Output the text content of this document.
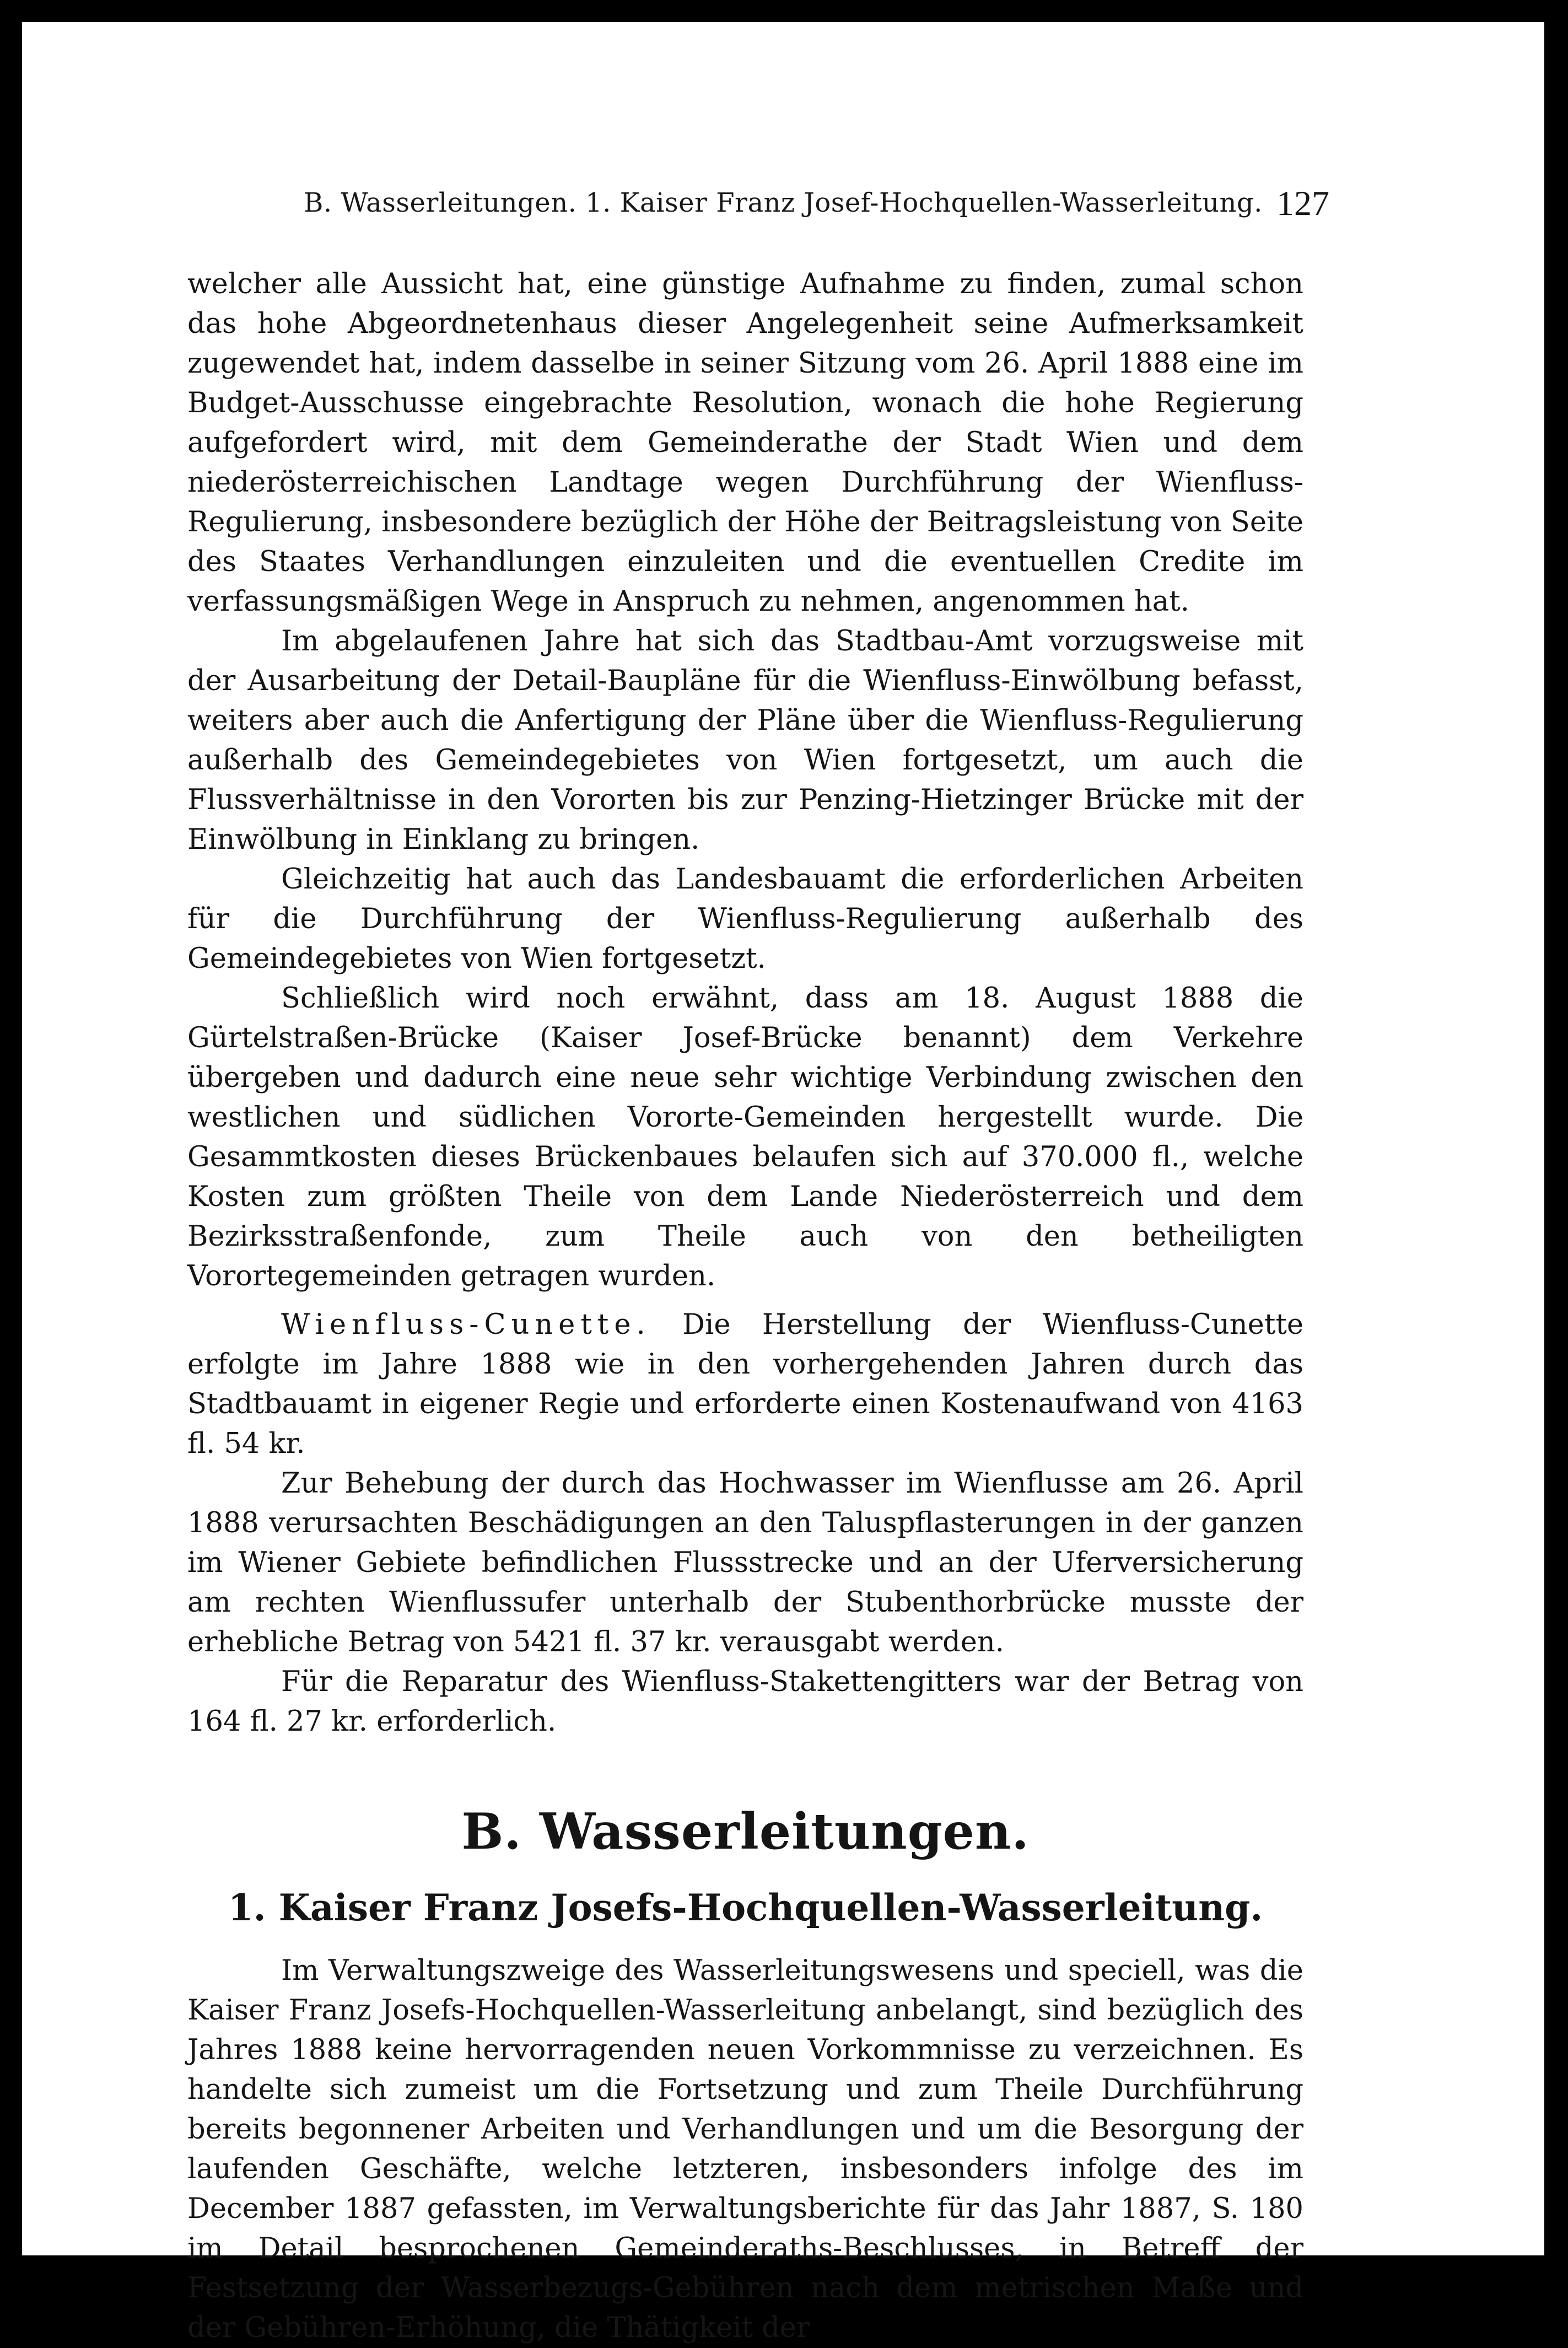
B. Wasserleitungen. 1. Kaiser Franz Josef-Hochquellen-Wasserleitung. 127

welcher alle Aussicht hat, eine günstige Aufnahme zu finden, zumal schon das hohe Abgeordnetenhaus dieser Angelegenheit seine Aufmerksamkeit zugewendet hat, indem dasselbe in seiner Sitzung vom 26. April 1888 eine im Budget-Ausschusse eingebrachte Resolution, wonach die hohe Regierung aufgefordert wird, mit dem Gemeinderathe der Stadt Wien und dem niederösterreichischen Landtage wegen Durchführung der Wienfluss-Regulierung, insbesondere bezüglich der Höhe der Beitragsleistung von Seite des Staates Verhandlungen einzuleiten und die eventuellen Credite im verfassungsmäßigen Wege in Anspruch zu nehmen, angenommen hat.

Im abgelaufenen Jahre hat sich das Stadtbau-Amt vorzugsweise mit der Ausarbeitung der Detail-Baupläne für die Wienfluss-Einwölbung befasst, weiters aber auch die Anfertigung der Pläne über die Wienfluss-Regulierung außerhalb des Gemeindegebietes von Wien fortgesetzt, um auch die Flussverhältnisse in den Vororten bis zur Penzing-Hietzinger Brücke mit der Einwölbung in Einklang zu bringen.

Gleichzeitig hat auch das Landesbauamt die erforderlichen Arbeiten für die Durchführung der Wienfluss-Regulierung außerhalb des Gemeindegebietes von Wien fortgesetzt.

Schließlich wird noch erwähnt, dass am 18. August 1888 die Gürtelstraßen-Brücke (Kaiser Josef-Brücke benannt) dem Verkehre übergeben und dadurch eine neue sehr wichtige Verbindung zwischen den westlichen und südlichen Vororte-Gemeinden hergestellt wurde. Die Gesammtkosten dieses Brückenbaues belaufen sich auf 370.000 fl., welche Kosten zum größten Theile von dem Lande Niederösterreich und dem Bezirksstraßenfonde, zum Theile auch von den betheiligten Vorortegemeinden getragen wurden.

Wienfluss-Cunette. Die Herstellung der Wienfluss-Cunette erfolgte im Jahre 1888 wie in den vorhergehenden Jahren durch das Stadtbauamt in eigener Regie und erforderte einen Kostenaufwand von 4163 fl. 54 kr.

Zur Behebung der durch das Hochwasser im Wienflusse am 26. April 1888 verursachten Beschädigungen an den Taluspflasterungen in der ganzen im Wiener Gebiete befindlichen Flussstrecke und an der Uferversicherung am rechten Wienflussufer unterhalb der Stubenthorbrücke musste der erhebliche Betrag von 5421 fl. 37 kr. verausgabt werden.

Für die Reparatur des Wienfluss-Stakettengitters war der Betrag von 164 fl. 27 kr. erforderlich.

B. Wasserleitungen.
1. Kaiser Franz Josefs-Hochquellen-Wasserleitung.

Im Verwaltungszweige des Wasserleitungswesens und speciell, was die Kaiser Franz Josefs-Hochquellen-Wasserleitung anbelangt, sind bezüglich des Jahres 1888 keine hervorragenden neuen Vorkommnisse zu verzeichnen. Es handelte sich zumeist um die Fortsetzung und zum Theile Durchführung bereits begonnener Arbeiten und Verhandlungen und um die Besorgung der laufenden Geschäfte, welche letzteren, insbesonders infolge des im December 1887 gefassten, im Verwaltungsberichte für das Jahr 1887, S. 180 im Detail besprochenen Gemeinderaths-Beschlusses, in Betreff der Festsetzung der Wasserbezugs-Gebühren nach dem metrischen Maße und der Gebühren-Erhöhung, die Thätigkeit der
